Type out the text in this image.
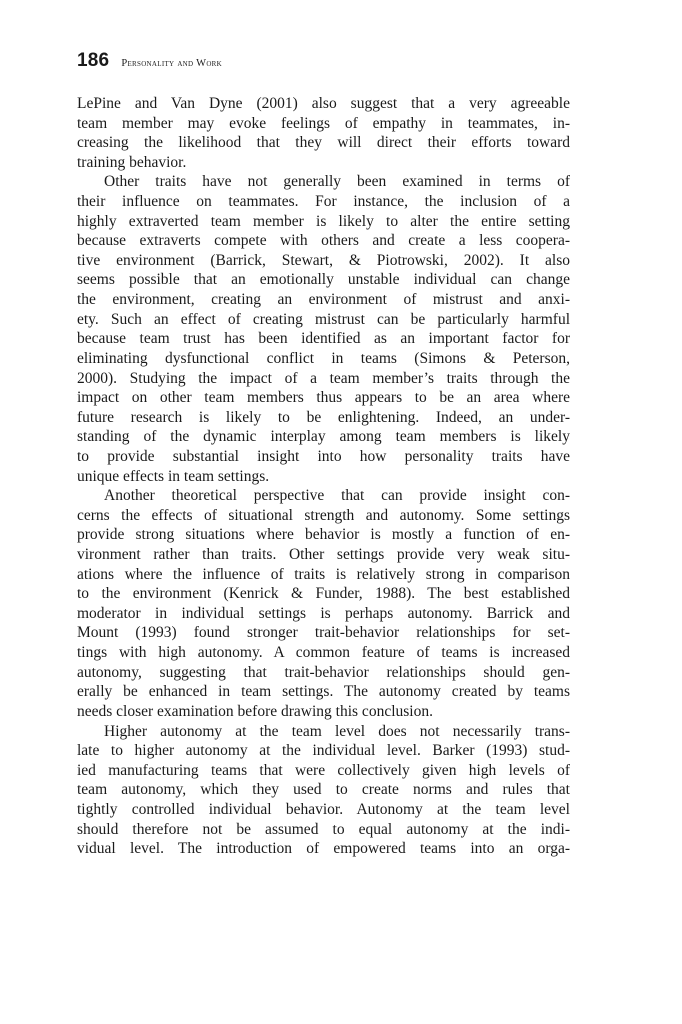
186 Personality and Work
LePine and Van Dyne (2001) also suggest that a very agreeable
team member may evoke feelings of empathy in teammates, in-
creasing the likelihood that they will direct their efforts toward
training behavior.
Other traits have not generally been examined in terms of
their influence on teammates. For instance, the inclusion of a
highly extraverted team member is likely to alter the entire setting
because extraverts compete with others and create a less coopera-
tive environment (Barrick, Stewart, & Piotrowski, 2002). It also
seems possible that an emotionally unstable individual can change
the environment, creating an environment of mistrust and anxi-
ety. Such an effect of creating mistrust can be particularly harmful
because team trust has been identified as an important factor for
eliminating dysfunctional conflict in teams (Simons & Peterson,
2000). Studying the impact of a team member’s traits through the
impact on other team members thus appears to be an area where
future research is likely to be enlightening. Indeed, an under-
standing of the dynamic interplay among team members is likely
to provide substantial insight into how personality traits have
unique effects in team settings.
Another theoretical perspective that can provide insight con-
cerns the effects of situational strength and autonomy. Some settings
provide strong situations where behavior is mostly a function of en-
vironment rather than traits. Other settings provide very weak situ-
ations where the influence of traits is relatively strong in comparison
to the environment (Kenrick & Funder, 1988). The best established
moderator in individual settings is perhaps autonomy. Barrick and
Mount (1993) found stronger trait-behavior relationships for set-
tings with high autonomy. A common feature of teams is increased
autonomy, suggesting that trait-behavior relationships should gen-
erally be enhanced in team settings. The autonomy created by teams
needs closer examination before drawing this conclusion.
Higher autonomy at the team level does not necessarily trans-
late to higher autonomy at the individual level. Barker (1993) stud-
ied manufacturing teams that were collectively given high levels of
team autonomy, which they used to create norms and rules that
tightly controlled individual behavior. Autonomy at the team level
should therefore not be assumed to equal autonomy at the indi-
vidual level. The introduction of empowered teams into an orga-
